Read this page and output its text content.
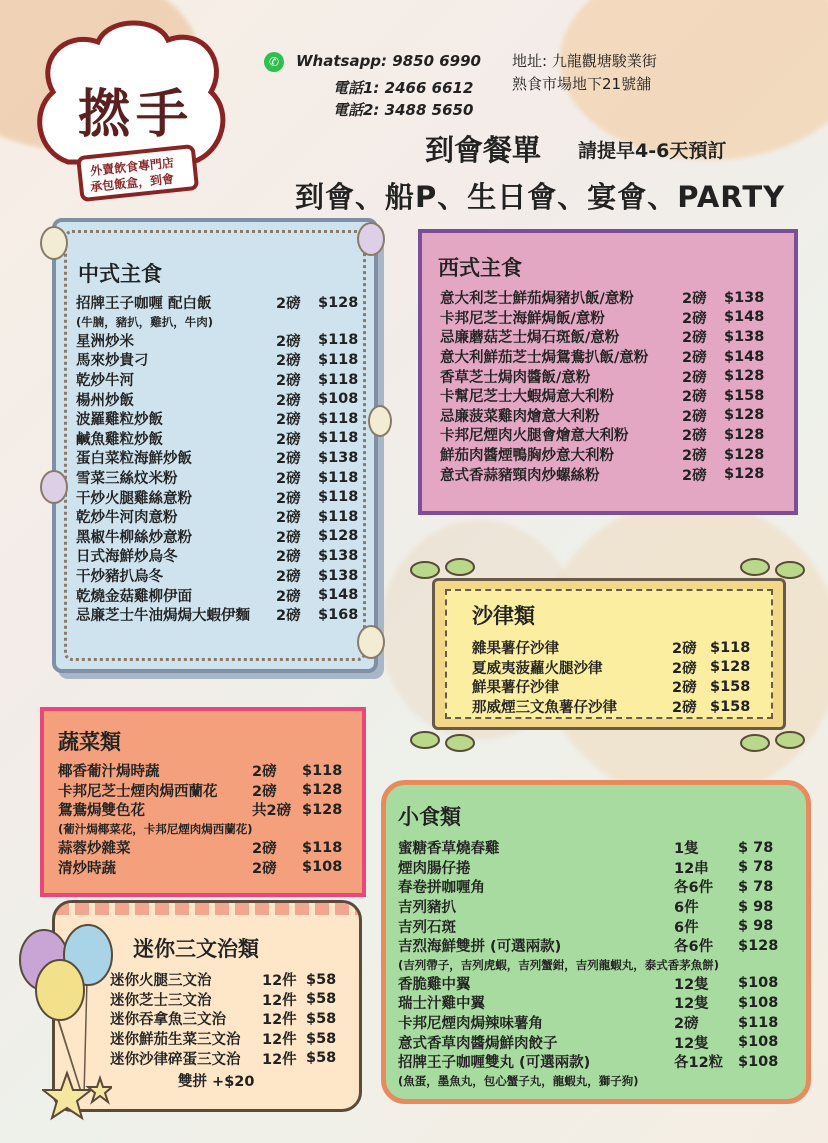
撚手
外賣飲食專門店
承包飯盒，到會
✆	Whatsapp: 9850 6990
電話1: 2466 6612
電話2: 3488 5650
地址: 九龍觀塘駿業街
熟食市場地下21號舖
到會餐單 請提早4-6天預訂
到會、船P、生日會、宴會、PARTY
中式主食
招牌王子咖喱 配白飯	2磅	$128
(牛腩，豬扒，雞扒，牛肉)
星洲炒米	2磅	$118
馬來炒貴刁	2磅	$118
乾炒牛河	2磅	$118
楊州炒飯	2磅	$108
波羅雞粒炒飯	2磅	$118
鹹魚雞粒炒飯	2磅	$118
蛋白菜粒海鮮炒飯	2磅	$138
雪菜三絲炆米粉	2磅	$118
干炒火腿雞絲意粉	2磅	$118
乾炒牛河肉意粉	2磅	$118
黑椒牛柳絲炒意粉	2磅	$128
日式海鮮炒烏冬	2磅	$138
干炒豬扒烏冬	2磅	$138
乾燒金菇雞柳伊面	2磅	$148
忌廉芝士牛油焗焗大蝦伊麵	2磅	$168
西式主食
意大利芝士鮮茄焗豬扒飯/意粉	2磅	$138
卡邦尼芝士海鮮焗飯/意粉	2磅	$148
忌廉蘑菇芝士焗石斑飯/意粉	2磅	$138
意大利鮮茄芝士焗鴛鴦扒飯/意粉	2磅	$148
香草芝士焗肉醬飯/意粉	2磅	$128
卡幫尼芝士大蝦焗意大利粉	2磅	$158
忌廉菠菜雞肉燴意大利粉	2磅	$128
卡邦尼煙肉火腿會燴意大利粉	2磅	$128
鮮茄肉醬煙鴨胸炒意大利粉	2磅	$128
意式香蒜豬頸肉炒螺絲粉	2磅	$128
沙律類
雜果薯仔沙律	2磅 $118
夏威夷菠蘿火腿沙律	2磅 $128
鮮果薯仔沙律	2磅 $158
那威煙三文魚薯仔沙律	2磅 $158
蔬菜類
椰香葡汁焗時蔬	2磅	$118
卡邦尼芝士煙肉焗西蘭花	2磅	$128
鴛鴦焗雙色花	共2磅 $128
(葡汁焗椰菜花，卡邦尼煙肉焗西蘭花)
蒜蓉炒雜菜	2磅	$118
清炒時蔬	2磅	$108
小食類
蜜糖香草燒春雞	1隻	$ 78
煙肉腸仔捲	12串	$ 78
春卷拼咖喱角	各6件	$ 78
吉列豬扒	6件	$ 98
吉列石斑	6件	$ 98
吉烈海鮮雙拼 (可選兩款)	各6件	$128
(吉列帶子，吉列虎蝦，吉列蟹鉗，吉列龍蝦丸，泰式香茅魚餅)
香脆雞中翼	12隻	$108
瑞士汁雞中翼	12隻	$108
卡邦尼煙肉焗辣味薯角	2磅	$118
意式香草肉醬焗鮮肉餃子	12隻	$108
招牌王子咖喱雙丸 (可選兩款)	各12粒	$108
(魚蛋，墨魚丸，包心蟹子丸，龍蝦丸，獅子狗)
迷你三文治類
迷你火腿三文治	12件 $58
迷你芝士三文治	12件 $58
迷你吞拿魚三文治	12件 $58
迷你鮮茄生菜三文治	12件 $58
迷你沙律碎蛋三文治	12件 $58
雙拼 +$20
